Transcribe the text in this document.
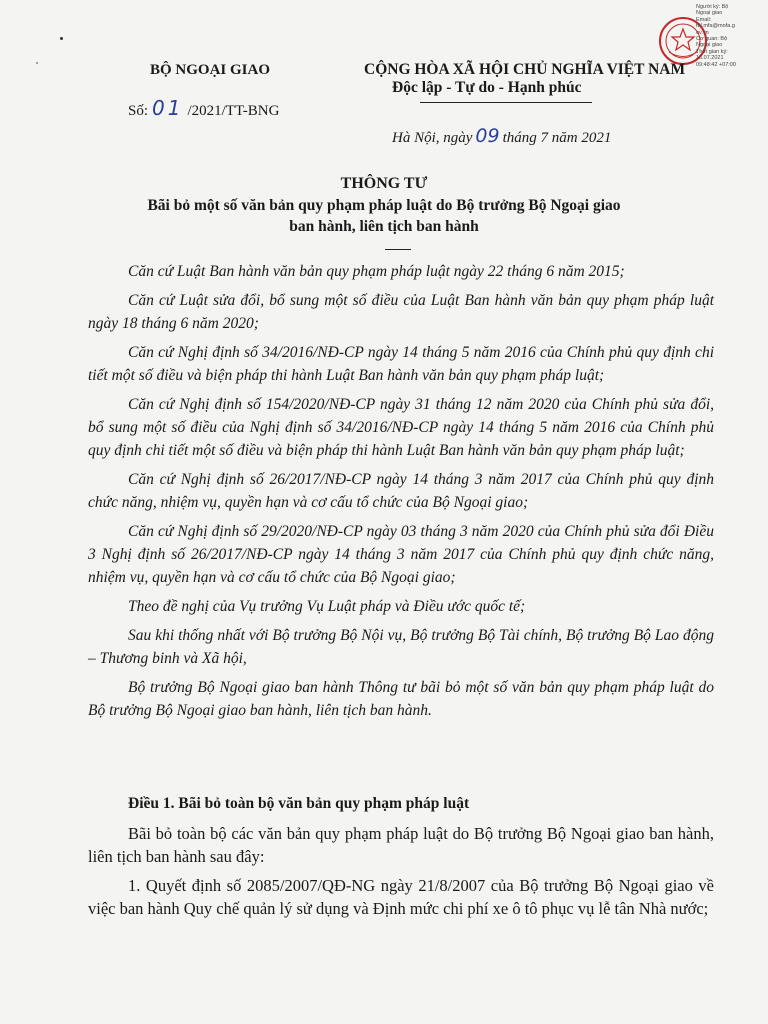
Người ký: Bộ
Ngoại giao
Email:
tttl.mfa@mofa.g
ov.vn
Cơ quan: Bộ
Ngoại giao
Thời gian ký:
16.07.2021
09:48:42 +07:00
BỘ NGOẠI GIAO
Số: 01 /2021/TT-BNG
CỘNG HÒA XÃ HỘI CHỦ NGHĨA VIỆT NAM
Độc lập - Tự do - Hạnh phúc
Hà Nội, ngày 09 tháng 7 năm 2021
THÔNG TƯ
Bãi bỏ một số văn bản quy phạm pháp luật do Bộ trưởng Bộ Ngoại giao
ban hành, liên tịch ban hành

Căn cứ Luật Ban hành văn bản quy phạm pháp luật ngày 22 tháng 6 năm 2015;

Căn cứ Luật sửa đổi, bổ sung một số điều của Luật Ban hành văn bản quy phạm pháp luật ngày 18 tháng 6 năm 2020;

Căn cứ Nghị định số 34/2016/NĐ-CP ngày 14 tháng 5 năm 2016 của Chính phủ quy định chi tiết một số điều và biện pháp thi hành Luật Ban hành văn bản quy phạm pháp luật;

Căn cứ Nghị định số 154/2020/NĐ-CP ngày 31 tháng 12 năm 2020 của Chính phủ sửa đổi, bổ sung một số điều của Nghị định số 34/2016/NĐ-CP ngày 14 tháng 5 năm 2016 của Chính phủ quy định chi tiết một số điều và biện pháp thi hành Luật Ban hành văn bản quy phạm pháp luật;

Căn cứ Nghị định số 26/2017/NĐ-CP ngày 14 tháng 3 năm 2017 của Chính phủ quy định chức năng, nhiệm vụ, quyền hạn và cơ cấu tổ chức của Bộ Ngoại giao;

Căn cứ Nghị định số 29/2020/NĐ-CP ngày 03 tháng 3 năm 2020 của Chính phủ sửa đổi Điều 3 Nghị định số 26/2017/NĐ-CP ngày 14 tháng 3 năm 2017 của Chính phủ quy định chức năng, nhiệm vụ, quyền hạn và cơ cấu tổ chức của Bộ Ngoại giao;

Theo đề nghị của Vụ trưởng Vụ Luật pháp và Điều ước quốc tế;

Sau khi thống nhất với Bộ trưởng Bộ Nội vụ, Bộ trưởng Bộ Tài chính, Bộ trưởng Bộ Lao động – Thương binh và Xã hội,

Bộ trưởng Bộ Ngoại giao ban hành Thông tư bãi bỏ một số văn bản quy phạm pháp luật do Bộ trưởng Bộ Ngoại giao ban hành, liên tịch ban hành.

Điều 1. Bãi bỏ toàn bộ văn bản quy phạm pháp luật

Bãi bỏ toàn bộ các văn bản quy phạm pháp luật do Bộ trưởng Bộ Ngoại giao ban hành, liên tịch ban hành sau đây:

1. Quyết định số 2085/2007/QĐ-NG ngày 21/8/2007 của Bộ trưởng Bộ Ngoại giao về việc ban hành Quy chế quản lý sử dụng và Định mức chi phí xe ô tô phục vụ lễ tân Nhà nước;
